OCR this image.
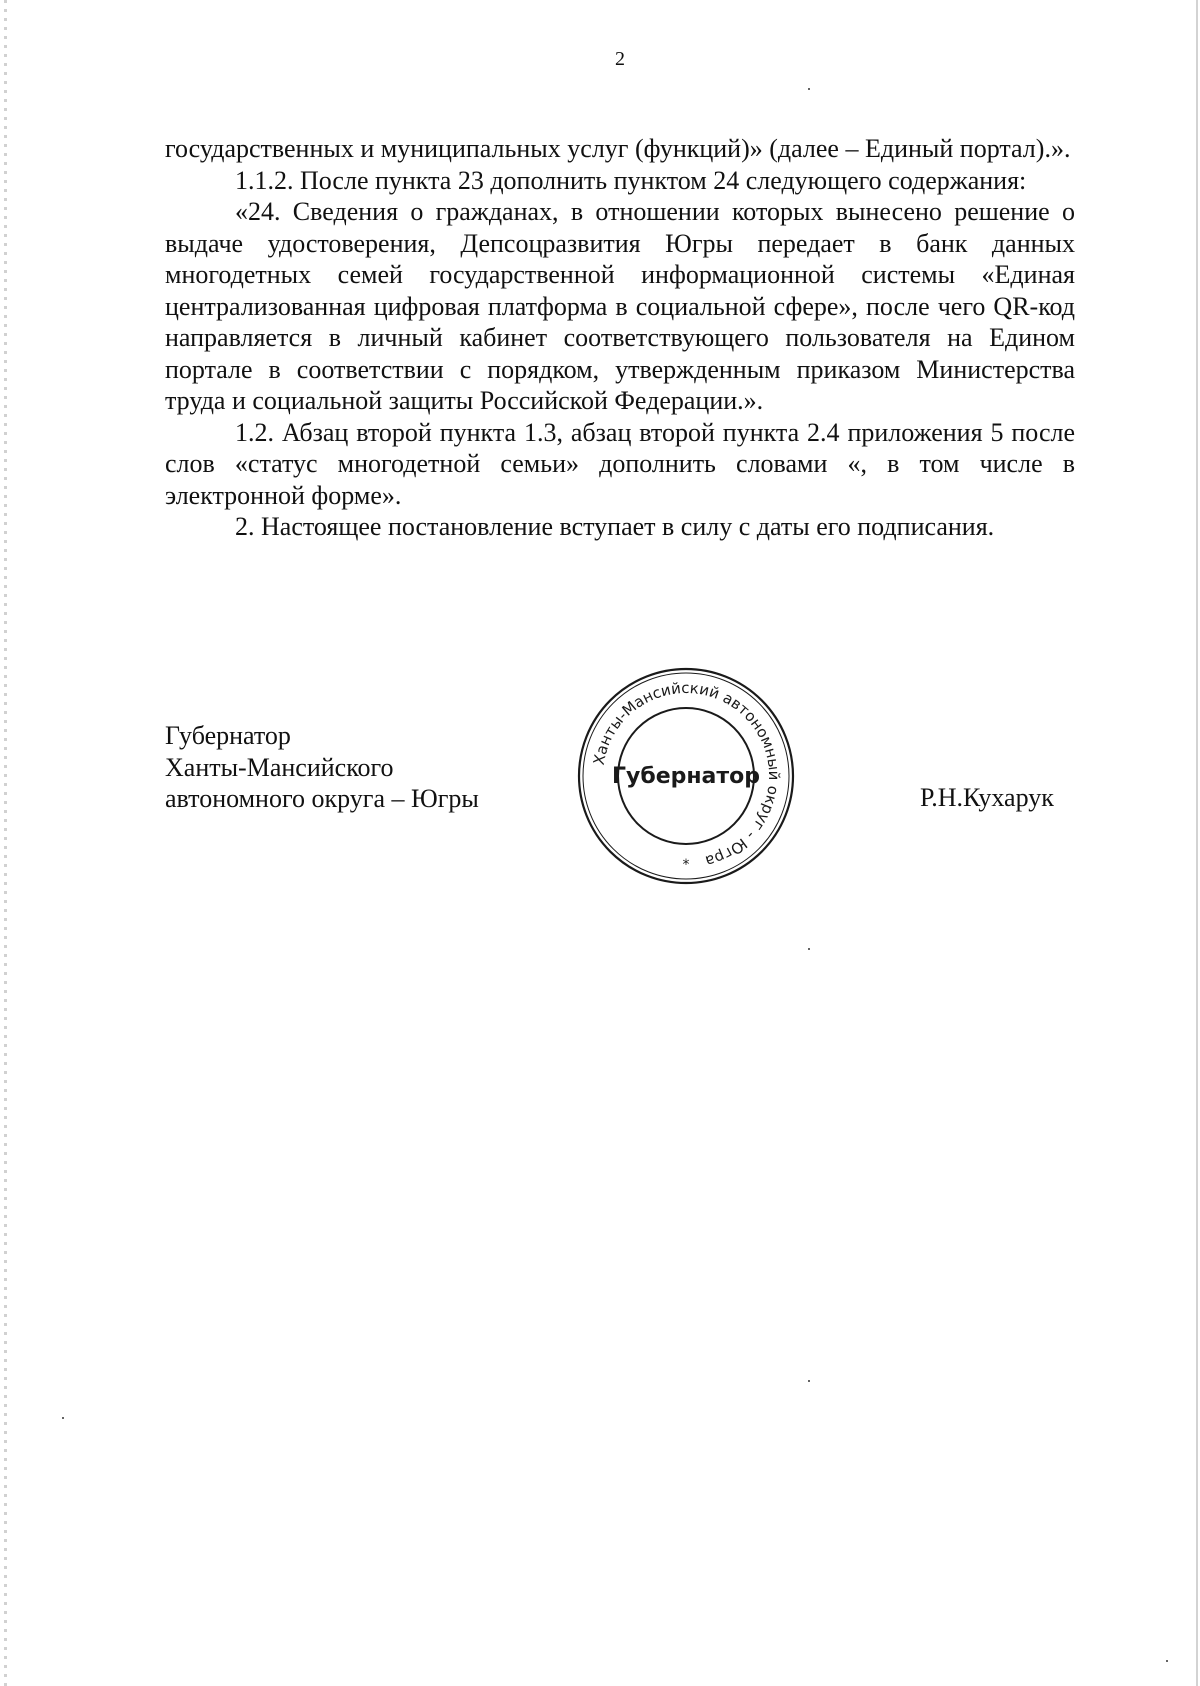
2

государственных и муниципальных услуг (функций)» (далее – Единый портал).».

1.1.2. После пункта 23 дополнить пунктом 24 следующего содержания:

«24. Сведения о гражданах, в отношении которых вынесено решение о выдаче удостоверения, Депсоцразвития Югры передает в банк данных многодетных семей государственной информационной системы «Единая централизованная цифровая платформа в социальной сфере», после чего QR-код направляется в личный кабинет соответствующего пользователя на Едином портале в соответствии с порядком, утвержденным приказом Министерства труда и социальной защиты Российской Федерации.».

1.2. Абзац второй пункта 1.3, абзац второй пункта 2.4 приложения 5 после слов «статус многодетной семьи» дополнить словами «, в том числе в электронной форме».

2. Настоящее постановление вступает в силу с даты его подписания.

Губернатор
Ханты-Мансийского
автономного округа – Югры	Р.Н.Кухарук
Ханты-Мансийский автономный округ - Югра
Губернатор
*
